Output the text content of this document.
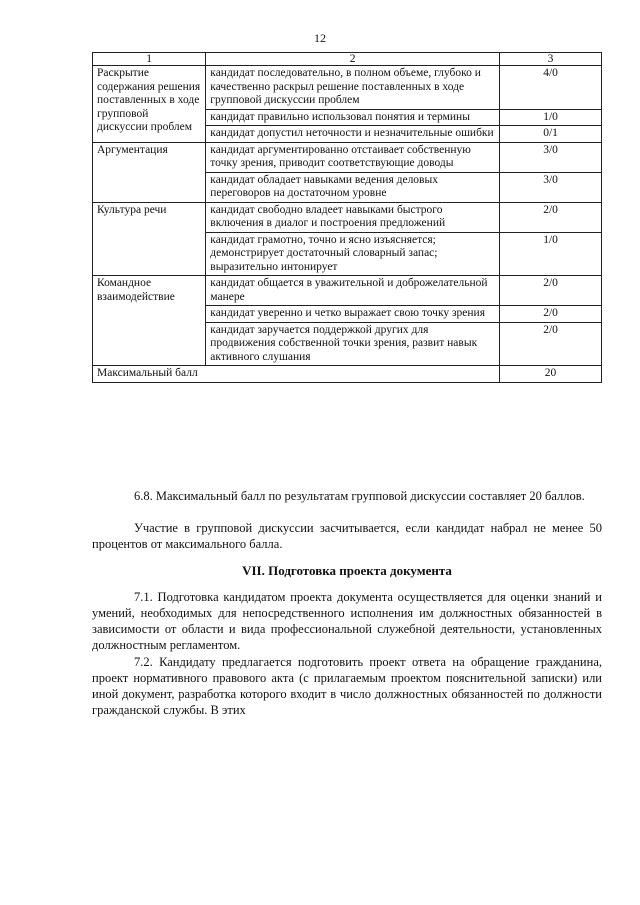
12
1	2	3
Раскрытие содержания решения поставленных в ходе групповой дискуссии проблем	кандидат последовательно, в полном объеме, глубоко и качественно раскрыл решение поставленных в ходе групповой дискуссии проблем	4/0
	кандидат правильно использовал понятия и термины	1/0
	кандидат допустил неточности и незначительные ошибки	0/1
Аргументация	кандидат аргументированно отстаивает собственную точку зрения, приводит соответствующие доводы	3/0
	кандидат обладает навыками ведения деловых переговоров на достаточном уровне	3/0
Культура речи	кандидат свободно владеет навыками быстрого включения в диалог и построения предложений	2/0
	кандидат грамотно, точно и ясно изъясняется; демонстрирует достаточный словарный запас; выразительно интонирует	1/0
Командное взаимодействие	кандидат общается в уважительной и доброжелательной манере	2/0
	кандидат уверенно и четко выражает свою точку зрения	2/0
	кандидат заручается поддержкой других для продвижения собственной точки зрения, развит навык активного слушания	2/0
Максимальный балл		20

6.8. Максимальный балл по результатам групповой дискуссии составляет 20 баллов.

Участие в групповой дискуссии засчитывается, если кандидат набрал не менее 50 процентов от максимального балла.

VII. Подготовка проекта документа

7.1. Подготовка кандидатом проекта документа осуществляется для оценки знаний и умений, необходимых для непосредственного исполнения им должностных обязанностей в зависимости от области и вида профессиональной служебной деятельности, установленных должностным регламентом.

7.2. Кандидату предлагается подготовить проект ответа на обращение гражданина, проект нормативного правового акта (с прилагаемым проектом пояснительной записки) или иной документ, разработка которого входит в число должностных обязанностей по должности гражданской службы. В этих
